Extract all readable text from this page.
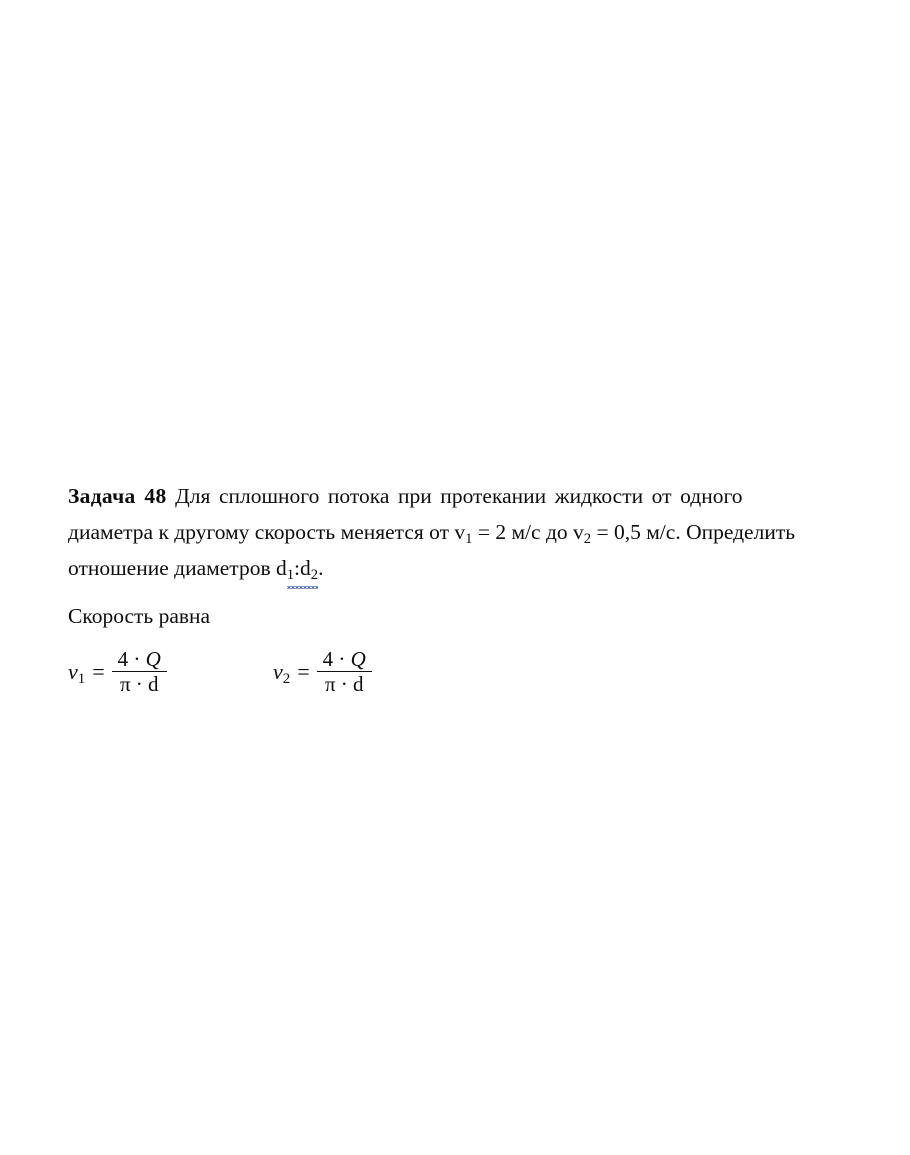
Задача 48 Для сплошного потока при протекании жидкости от одного

диаметра к другому скорость меняется от $v_1 = 2$ м/с до $v_2 = 0,5$ м/с. Определить

отношение диаметров $d_1:d_2$.

Скорость равна

$v_1 = \frac{4 \cdot Q}{\pi \cdot d}$	$v_2 = \frac{4 \cdot Q}{\pi \cdot d}$
